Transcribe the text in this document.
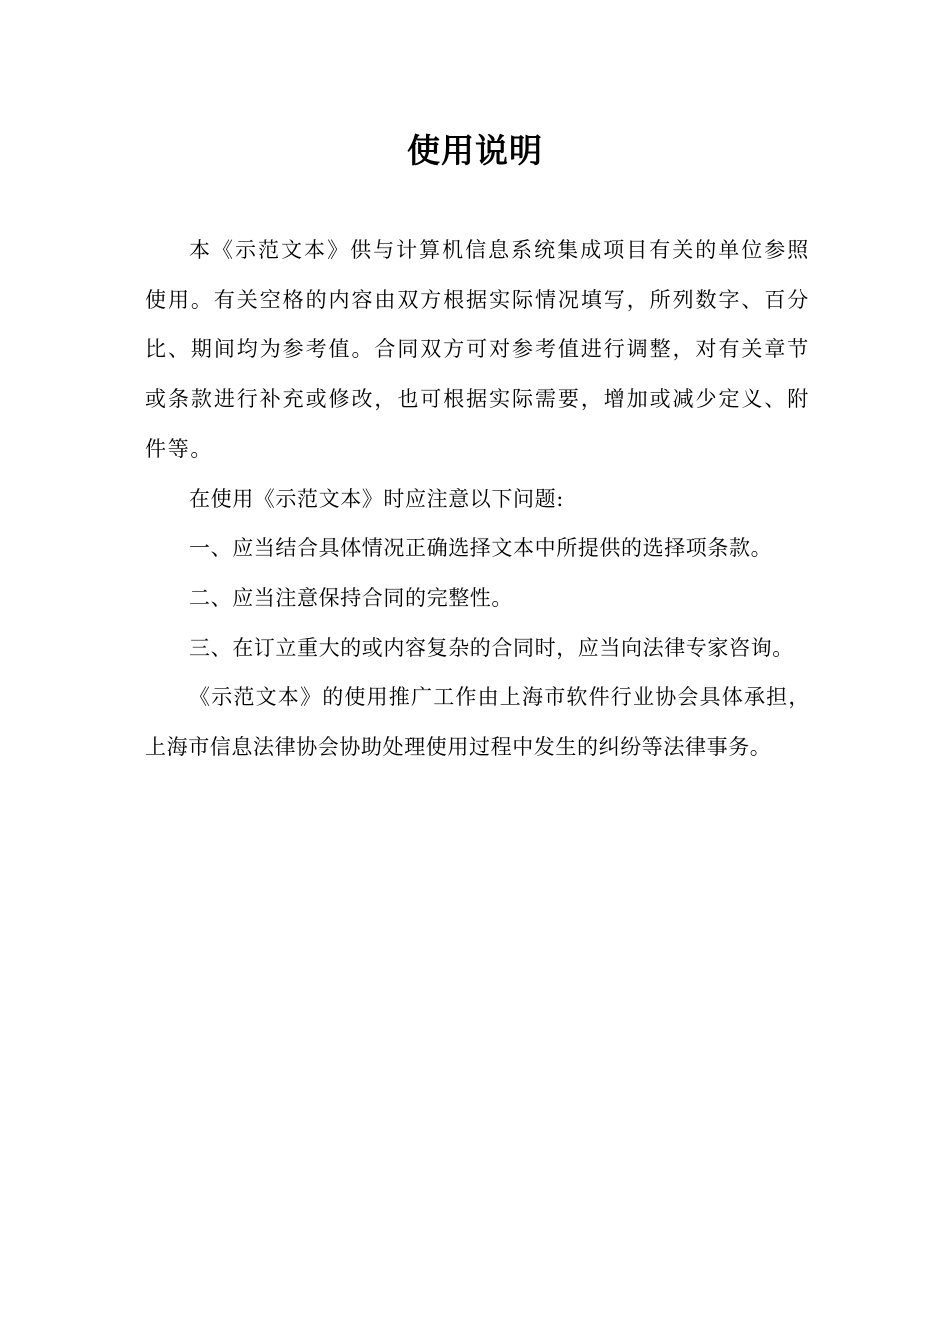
使用说明

本《示范文本》供与计算机信息系统集成项目有关的单位参照使用。有关空格的内容由双方根据实际情况填写，所列数字、百分比、期间均为参考值。合同双方可对参考值进行调整，对有关章节或条款进行补充或修改，也可根据实际需要，增加或减少定义、附件等。

在使用《示范文本》时应注意以下问题:

一、应当结合具体情况正确选择文本中所提供的选择项条款。

二、应当注意保持合同的完整性。

三、在订立重大的或内容复杂的合同时，应当向法律专家咨询。

《示范文本》的使用推广工作由上海市软件行业协会具体承担，上海市信息法律协会协助处理使用过程中发生的纠纷等法律事务。
